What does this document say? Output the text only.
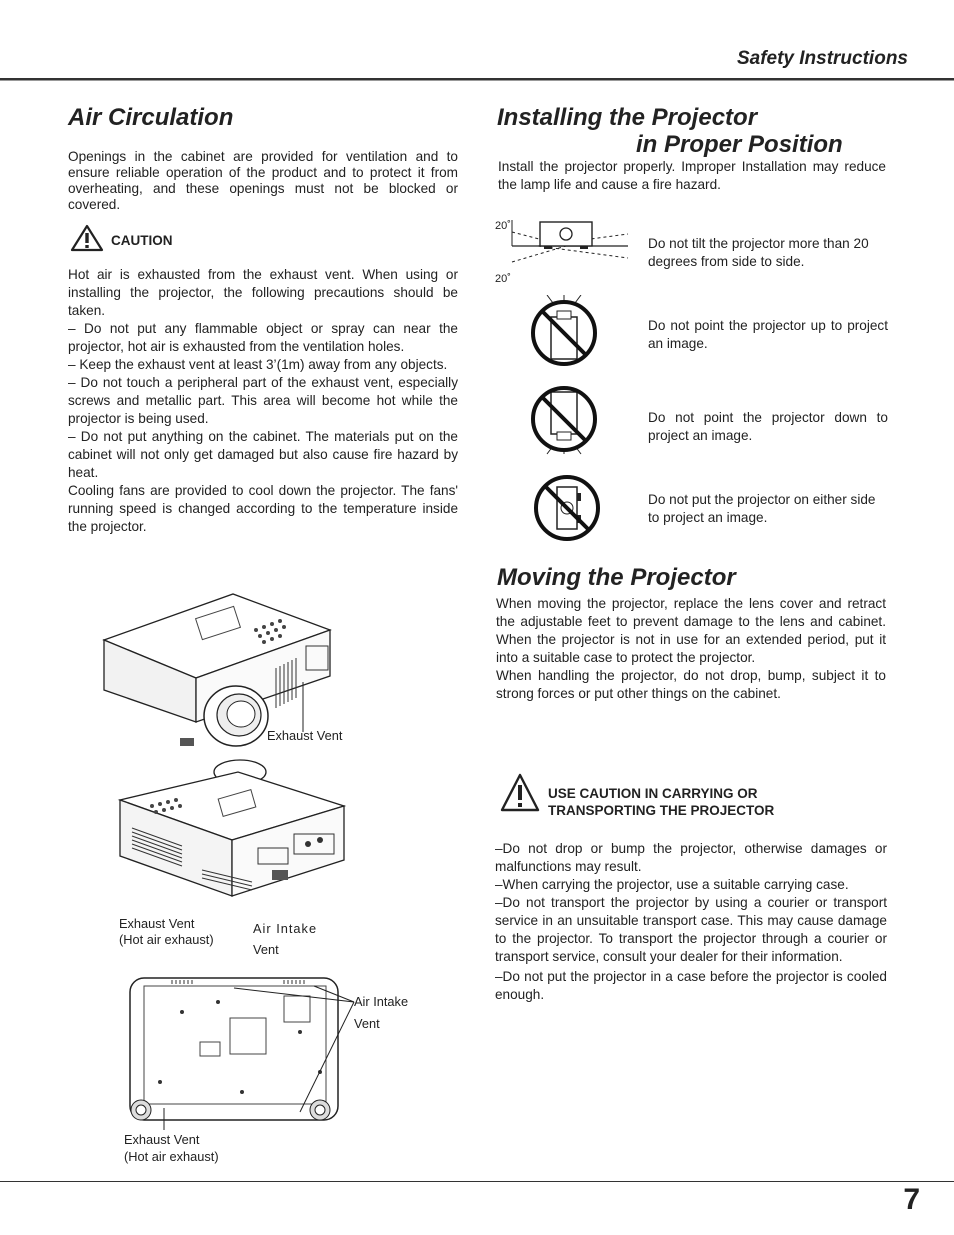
Safety Instructions
Air Circulation
Openings in the cabinet are provided for ventilation and to ensure reliable operation of the product and to protect it from overheating, and these openings must not be blocked or covered.
CAUTION

Hot air is exhausted from the exhaust vent. When using or installing the projector, the following precautions should be taken.

– Do not put any flammable object or spray can near the projector, hot air is exhausted from the ventilation holes.

– Keep the exhaust vent at least 3’(1m) away from any objects.

– Do not touch a peripheral part of the exhaust vent, especially screws and metallic part. This area will become hot while the projector is being used.

– Do not put anything on the cabinet. The materials put on the cabinet will not only get damaged but also cause fire hazard by heat.

Cooling fans are provided to cool down the projector. The fans' running speed is changed according to the temperature inside the projector.

Exhaust Vent
Exhaust Vent
(Hot air exhaust)
Air Intake
Vent
Air Intake
Vent
Exhaust Vent
(Hot air exhaust)
Installing the Projector
in Proper Position
Install the projector properly. Improper Installation may reduce the lamp life and cause a fire hazard.
20˚
20˚
Do not tilt the projector more than 20 degrees from side to side.
Do not point the projector up to project an image.
Do not point the projector down to project an image.
Do not put the projector on either side to project an image.
Moving the Projector

When moving the projector, replace the lens cover and retract the adjustable feet to prevent damage to the lens and cabinet. When the projector is not in use for an extended period, put it into a suitable case to protect the projector.

When handling the projector, do not drop, bump, subject it to strong forces or put other things on the cabinet.

USE CAUTION IN CARRYING OR
TRANSPORTING THE PROJECTOR

–Do not drop or bump the projector, otherwise damages or malfunctions may result.

–When carrying the projector, use a suitable carrying case.

–Do not transport the projector by using a courier or transport service in an unsuitable transport case. This may cause damage to the projector. To transport the projector through a courier or transport service, consult your dealer for their information.

–Do not put the projector in a case before the projector is cooled enough.

7
